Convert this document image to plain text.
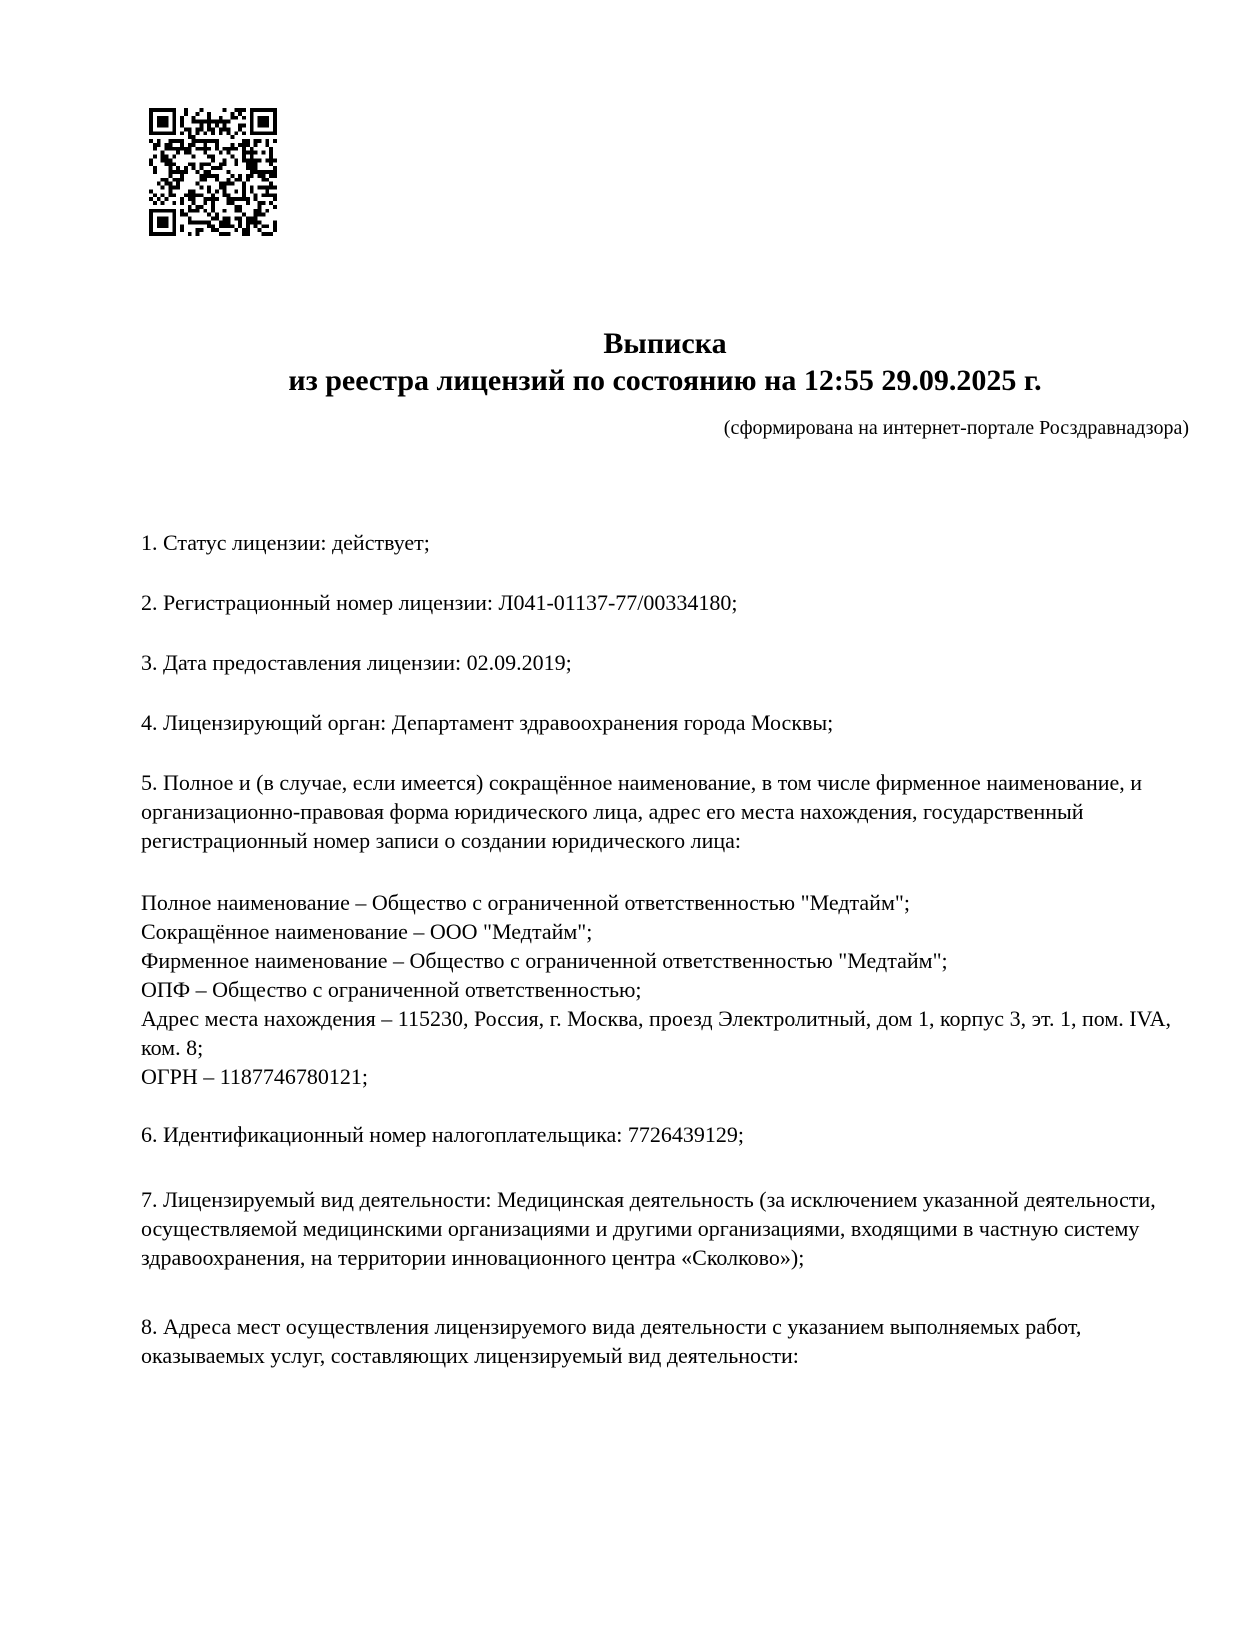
Выписка
из реестра лицензий по состоянию на 12:55 29.09.2025 г.
(сформирована на интернет-портале Росздравнадзора)

1. Статус лицензии: действует;

2. Регистрационный номер лицензии: Л041-01137-77/00334180;

3. Дата предоставления лицензии: 02.09.2019;

4. Лицензирующий орган: Департамент здравоохранения города Москвы;

5. Полное и (в случае, если имеется) сокращённое наименование, в том числе фирменное наименование, и организационно-правовая форма юридического лица, адрес его места нахождения, государственный регистрационный номер записи о создании юридического лица:

Полное наименование – Общество с ограниченной ответственностью "Медтайм";

Сокращённое наименование – ООО "Медтайм";

Фирменное наименование – Общество с ограниченной ответственностью "Медтайм";

ОПФ – Общество с ограниченной ответственностью;

Адрес места нахождения – 115230, Россия, г. Москва, проезд Электролитный, дом 1, корпус 3, эт. 1, пом. IVA, ком. 8;

ОГРН – 1187746780121;

6. Идентификационный номер налогоплательщика: 7726439129;

7. Лицензируемый вид деятельности: Медицинская деятельность (за исключением указанной деятельности, осуществляемой медицинскими организациями и другими организациями, входящими в частную систему здравоохранения, на территории инновационного центра «Сколково»);

8. Адреса мест осуществления лицензируемого вида деятельности с указанием выполняемых работ, оказываемых услуг, составляющих лицензируемый вид деятельности:
